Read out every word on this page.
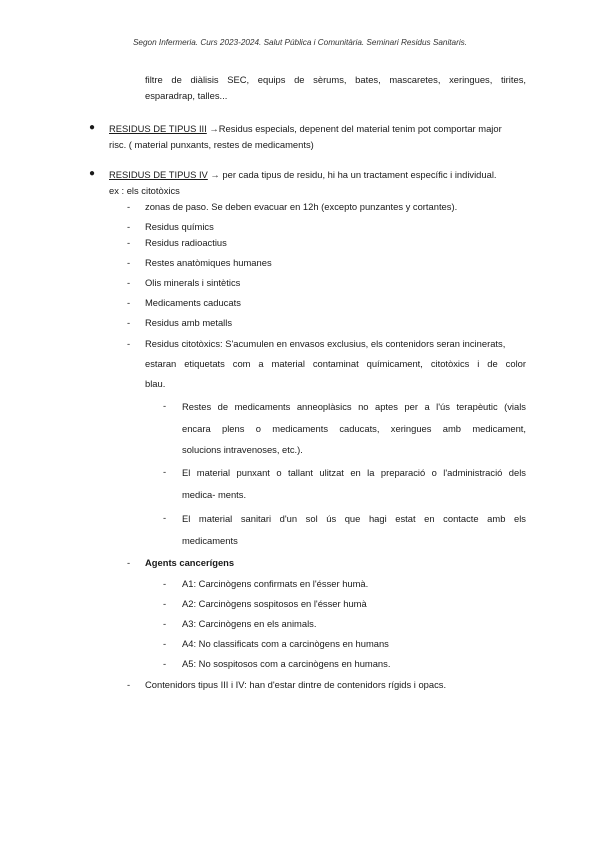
Segon Infermeria. Curs 2023-2024. Salut Pública i Comunitària. Seminari Residus Sanitaris.
filtre de diàlisis SEC, equips de sèrums, bates, mascaretes, xeringues, tirites,
esparadrap, talles...
● RESIDUS DE TIPUS III →Residus especials, depenent del material tenim pot comportar major
risc. ( material punxants, restes de medicaments)
● RESIDUS DE TIPUS IV → per cada tipus de residu, hi ha un tractament específic i individual.
ex : els citotòxics
- zonas de paso. Se deben evacuar en 12h (excepto punzantes y cortantes).
- Residus químics
- Residus radioactius
- Restes anatòmiques humanes
- Olis minerals i sintètics
- Medicaments caducats
- Residus amb metalls
- Residus citotòxics: S'acumulen en envasos exclusius, els contenidors seran incinerats,
estaran etiquetats com a material contaminat químicament, citotòxics i de color
blau.
- Restes de medicaments anneoplàsics no aptes per a l'ús terapèutic (vials
encara plens o medicaments caducats, xeringues amb medicament,
solucions intravenoses, etc.).
- El material punxant o tallant ulitzat en la preparació o l'administració dels
medica- ments.
- El material sanitari d'un sol ús que hagi estat en contacte amb els
medicaments
- Agents cancerígens
- A1: Carcinògens confirmats en l'ésser humà.
- A2: Carcinògens sospitosos en l'ésser humà
- A3: Carcinògens en els animals.
- A4: No classificats com a carcinògens en humans
- A5: No sospitosos com a carcinògens en humans.
- Contenidors tipus III i IV: han d'estar dintre de contenidors rígids i opacs.
